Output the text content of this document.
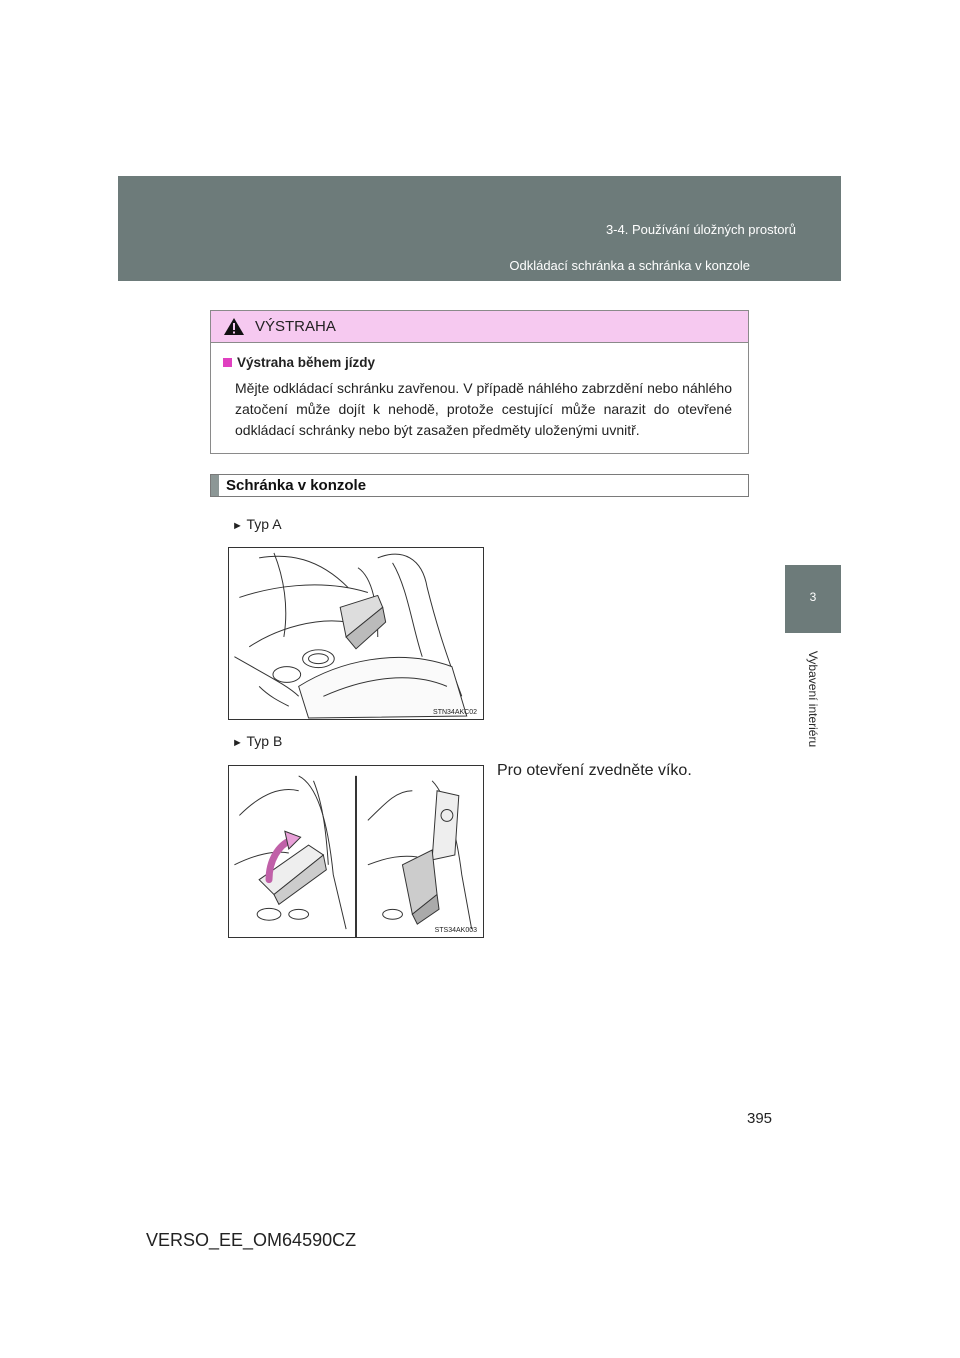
3-4. Používání úložných prostorů
Odkládací schránka a schránka v konzole
3
Vybavení interiéru
VÝSTRAHA
Výstraha během jízdy
Mějte odkládací schránku zavřenou. V případě náhlého zabrzdění nebo náhlého zatočení může dojít k nehodě, protože cestující může narazit do otevřené odkládací schránky nebo být zasažen předměty uloženými uvnitř.
Schránka v konzole
► Typ A
STN34AKC02
► Typ B
Pro otevření zvedněte víko.
STS34AK003
395
VERSO_EE_OM64590CZ
